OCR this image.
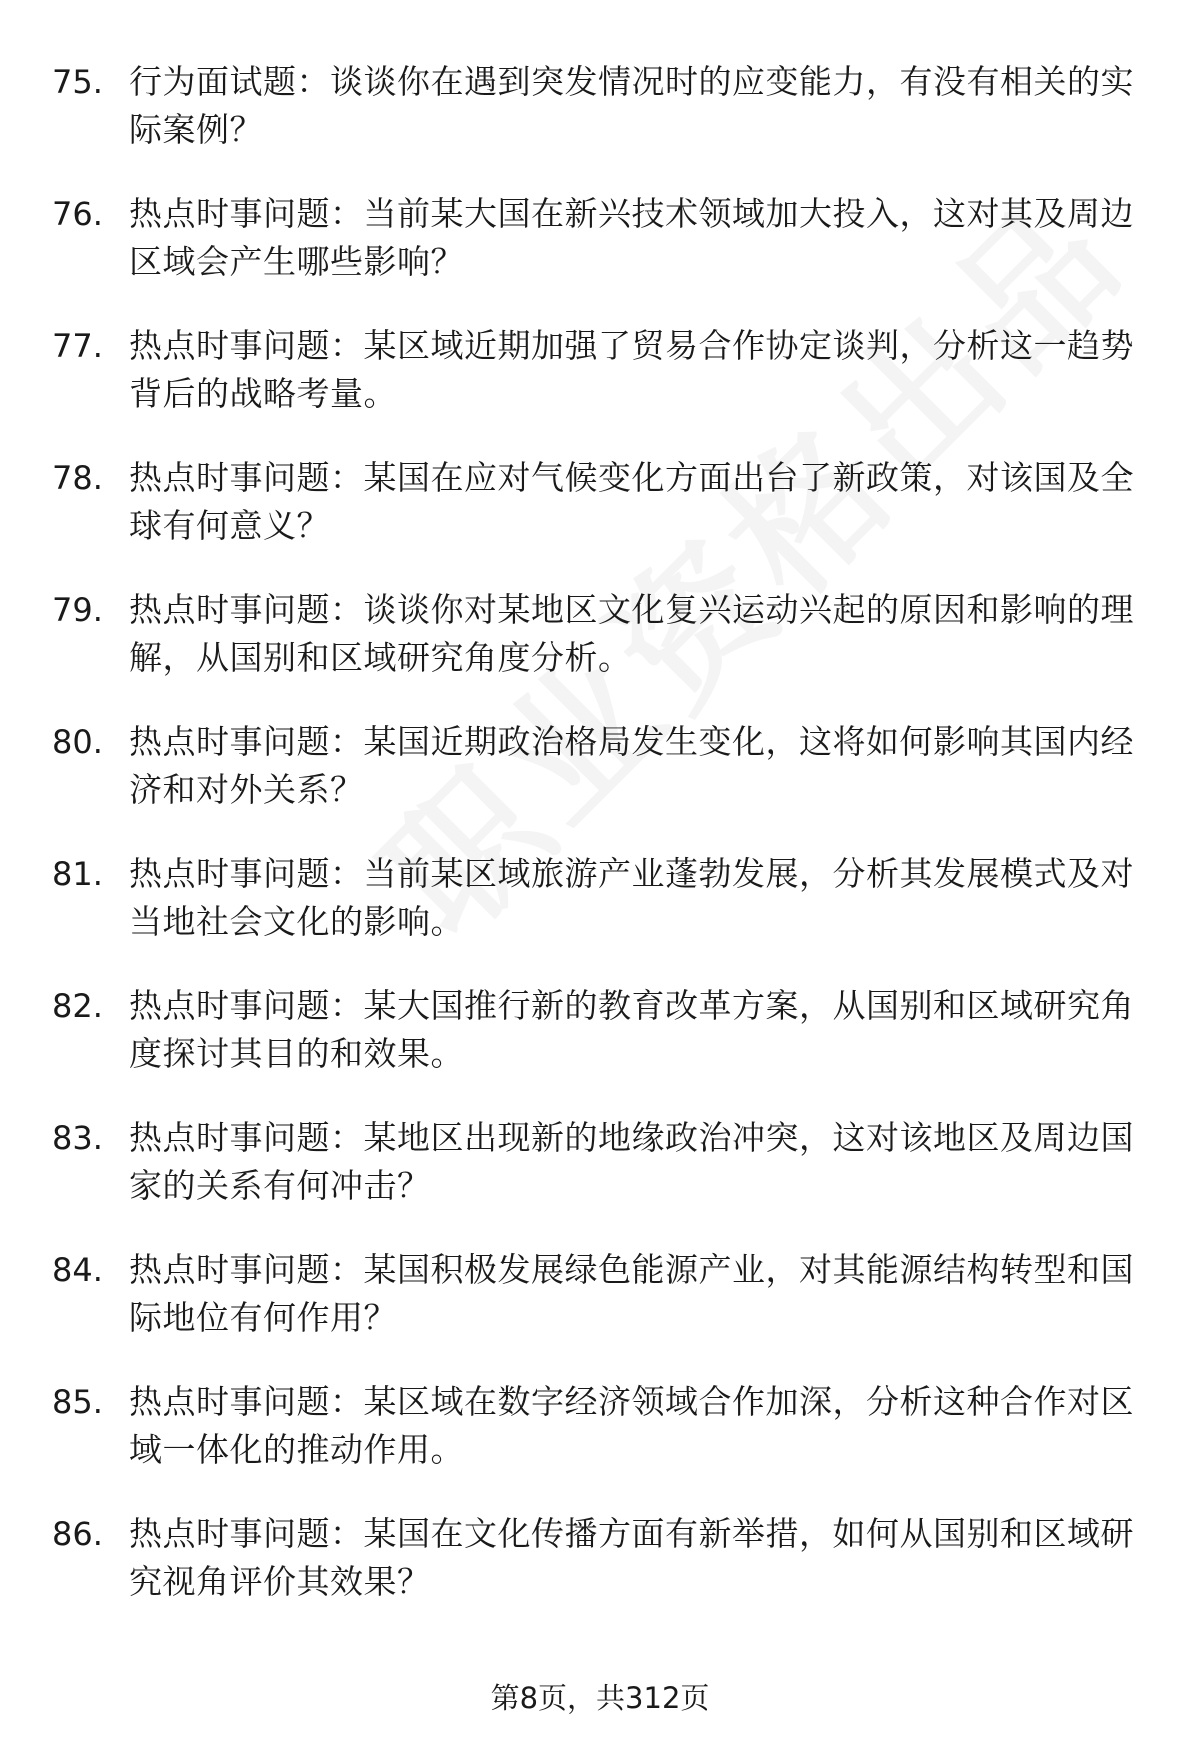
75. 行为面试题：谈谈你在遇到突发情况时的应变能力，有没有相关的实际案例？
76. 热点时事问题：当前某大国在新兴技术领域加大投入，这对其及周边区域会产生哪些影响？
77. 热点时事问题：某区域近期加强了贸易合作协定谈判，分析这一趋势背后的战略考量。
78. 热点时事问题：某国在应对气候变化方面出台了新政策，对该国及全球有何意义？
79. 热点时事问题：谈谈你对某地区文化复兴运动兴起的原因和影响的理解，从国别和区域研究角度分析。
80. 热点时事问题：某国近期政治格局发生变化，这将如何影响其国内经济和对外关系？
81. 热点时事问题：当前某区域旅游产业蓬勃发展，分析其发展模式及对当地社会文化的影响。
82. 热点时事问题：某大国推行新的教育改革方案，从国别和区域研究角度探讨其目的和效果。
83. 热点时事问题：某地区出现新的地缘政治冲突，这对该地区及周边国家的关系有何冲击？
84. 热点时事问题：某国积极发展绿色能源产业，对其能源结构转型和国际地位有何作用？
85. 热点时事问题：某区域在数字经济领域合作加深，分析这种合作对区域一体化的推动作用。
86. 热点时事问题：某国在文化传播方面有新举措，如何从国别和区域研究视角评价其效果？
第8页，共312页
